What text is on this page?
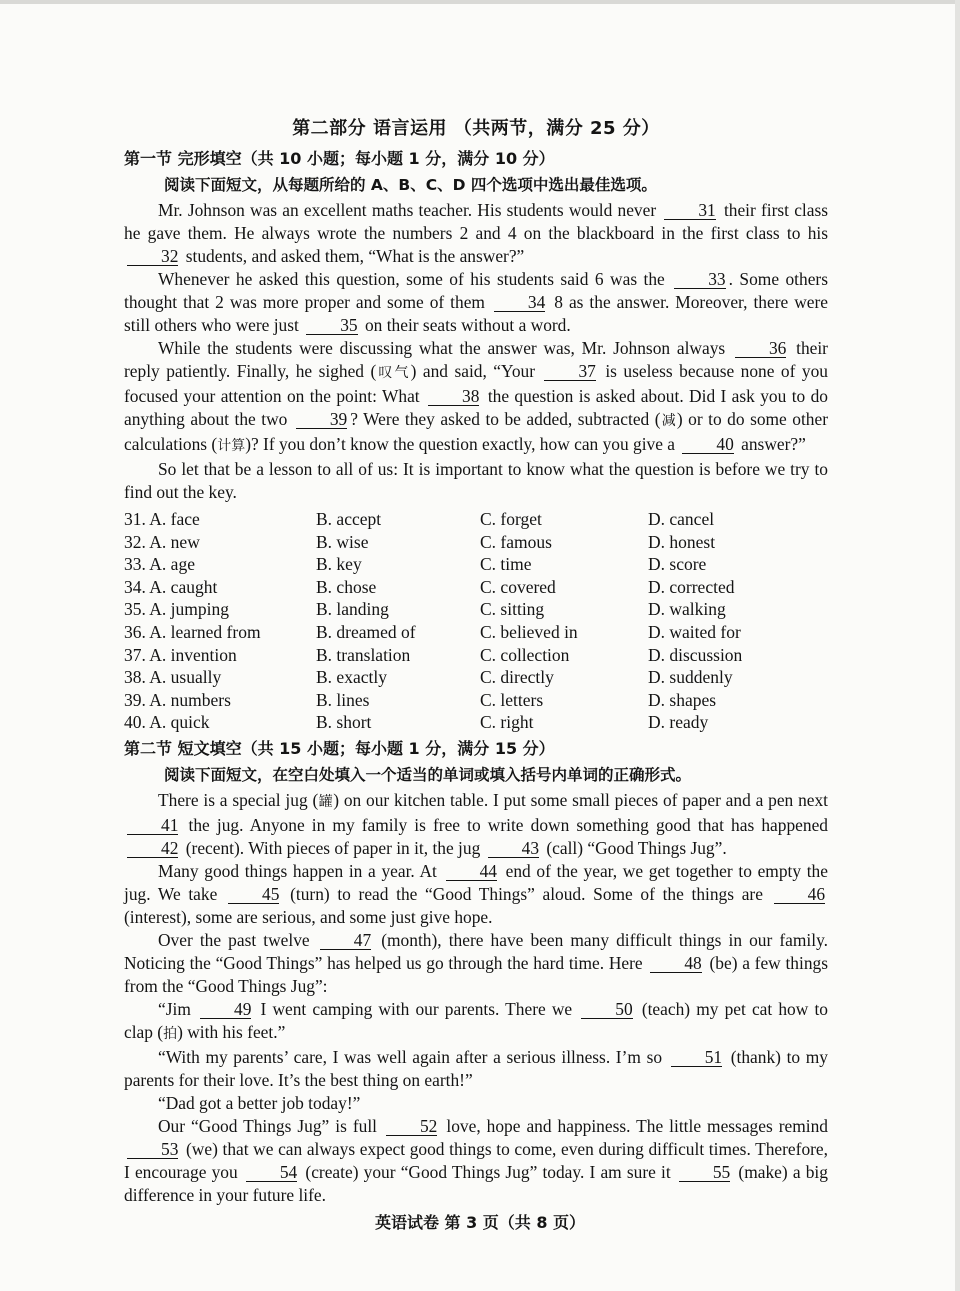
第二部分 语言运用 （共两节，满分 25 分）
第一节 完形填空（共 10 小题；每小题 1 分，满分 10 分）
阅读下面短文，从每题所给的 A、B、C、D 四个选项中选出最佳选项。

Mr. Johnson was an excellent maths teacher. His students would never 31 their first class he gave them. He always wrote the numbers 2 and 4 on the blackboard in the first class to his 32 students, and asked them, “What is the answer?”

Whenever he asked this question, some of his students said 6 was the 33 . Some others thought that 2 was more proper and some of them 34 8 as the answer. Moreover, there were still others who were just 35 on their seats without a word.

While the students were discussing what the answer was, Mr. Johnson always	36 their reply patiently. Finally, he sighed (叹气) and said, “Your 37 is useless because none of you focused your attention on the point: What 38 the question is asked about. Did I ask you to do anything about the two 39 ? Were they asked to be added, subtracted (减) or to do some other calculations (计算)? If you don’t know the question exactly, how can you give a 40 answer?”

So let that be a lesson to all of us: It is important to know what the question is before we try to find out the key.

31. A. face	B. accept	C. forget	D. cancel
32. A. new	B. wise	C. famous	D. honest
33. A. age	B. key	C. time	D. score
34. A. caught	B. chose	C. covered	D. corrected
35. A. jumping	B. landing	C. sitting	D. walking
36. A. learned from	B. dreamed of	C. believed in	D. waited for
37. A. invention	B. translation	C. collection	D. discussion
38. A. usually	B. exactly	C. directly	D. suddenly
39. A. numbers	B. lines	C. letters	D. shapes
40. A. quick	B. short	C. right	D. ready
第二节 短文填空（共 15 小题；每小题 1 分，满分 15 分）
阅读下面短文，在空白处填入一个适当的单词或填入括号内单词的正确形式。

There is a special jug (罐) on our kitchen table. I put some small pieces of paper and a pen next 41 the jug. Anyone in my family is free to write down something good that has happened 42 (recent). With pieces of paper in it, the jug 43 (call) “Good Things Jug”.

Many good things happen in a year. At 44 end of the year, we get together to empty the jug. We take	45 (turn) to read the “Good Things” aloud. Some of the things are	46 (interest), some are serious, and some just give hope.

Over the past twelve	47 (month), there have been many difficult things in our family. Noticing the “Good Things” has helped us go through the hard time. Here 48 (be) a few things from the “Good Things Jug”:

“Jim 49 I went camping with our parents. There we 50 (teach) my pet cat how to clap (拍) with his feet.”

“With my parents’ care, I was well again after a serious illness. I’m so 51 (thank) to my parents for their love. It’s the best thing on earth!”

“Dad got a better job today!”

Our “Good Things Jug” is full 52 love, hope and happiness. The little messages remind 53 (we) that we can always expect good things to come, even during difficult times. Therefore, I encourage you 54 (create) your “Good Things Jug” today. I am sure it 55 (make) a big difference in your future life.

英语试卷 第 3 页（共 8 页）
